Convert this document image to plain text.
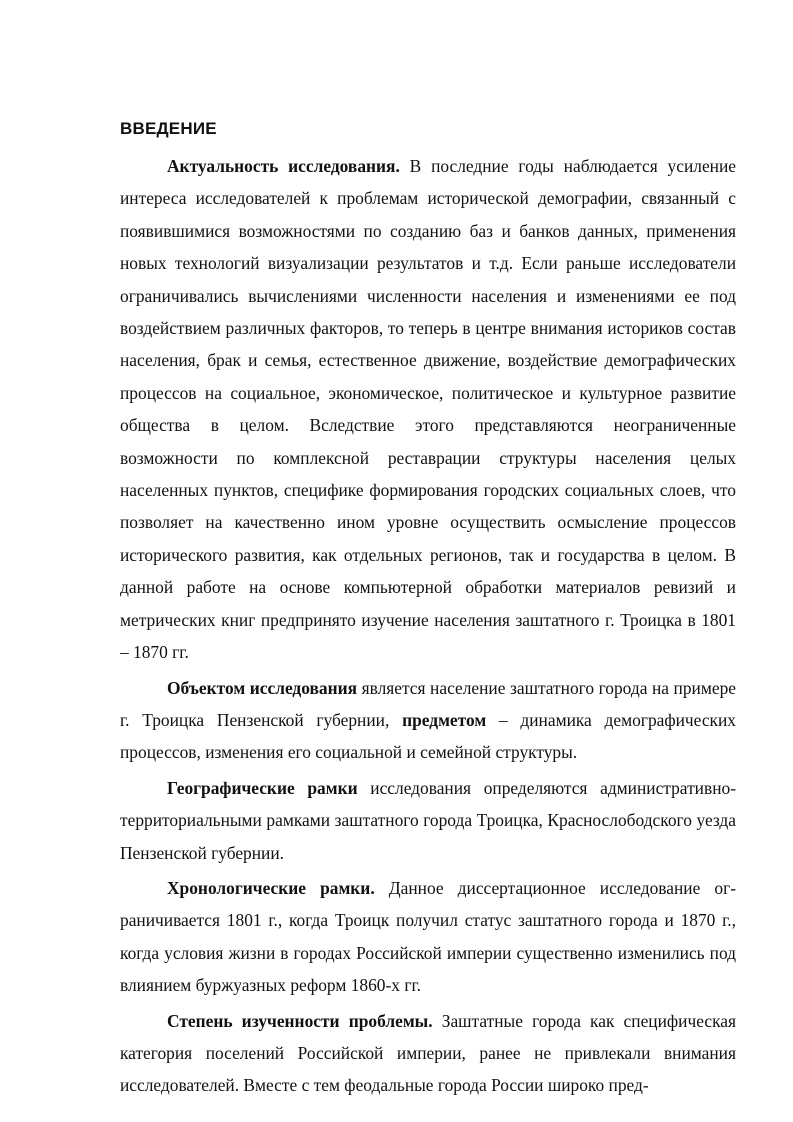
ВВЕДЕНИЕ

Актуальность исследования. В последние годы наблюдается усиление интереса исследователей к проблемам исторической демографии, связанный с появившимися возможностями по созданию баз и банков данных, применения новых технологий визуализации результатов и т.д. Если раньше исследователи ограничивались вычислениями численности населения и изменениями ее под воздействием различных факторов, то теперь в центре внимания историков состав населения, брак и семья, естественное движение, воздействие демографических процессов на социальное, экономическое, политическое и культурное развитие общества в целом. Вследствие этого представляются неограниченные возможности по комплексной реставрации структуры населения целых населенных пунктов, специфике формирования городских социальных слоев, что позволяет на качественно ином уровне осуществить осмысление процессов исторического развития, как отдельных регионов, так и государства в целом. В данной работе на основе компьютерной обработки материалов ревизий и метрических книг предпринято изучение населения заштатного г. Троицка в 1801 – 1870 гг.

Объектом исследования является население заштатного города на примере г. Троицка Пензенской губернии, предметом – динамика демографических процессов, изменения его социальной и семейной структуры.

Географические рамки исследования определяются административно-территориальными рамками заштатного города Троицка, Краснослободского уезда Пензенской губернии.

Хронологические рамки. Данное диссертационное исследование ограничивается 1801 г., когда Троицк получил статус заштатного города и 1870 г., когда условия жизни в городах Российской империи существенно изменились под влиянием буржуазных реформ 1860-х гг.

Степень изученности проблемы. Заштатные города как специфическая категория поселений Российской империи, ранее не привлекали внимания исследователей. Вместе с тем феодальные города России широко пред-
